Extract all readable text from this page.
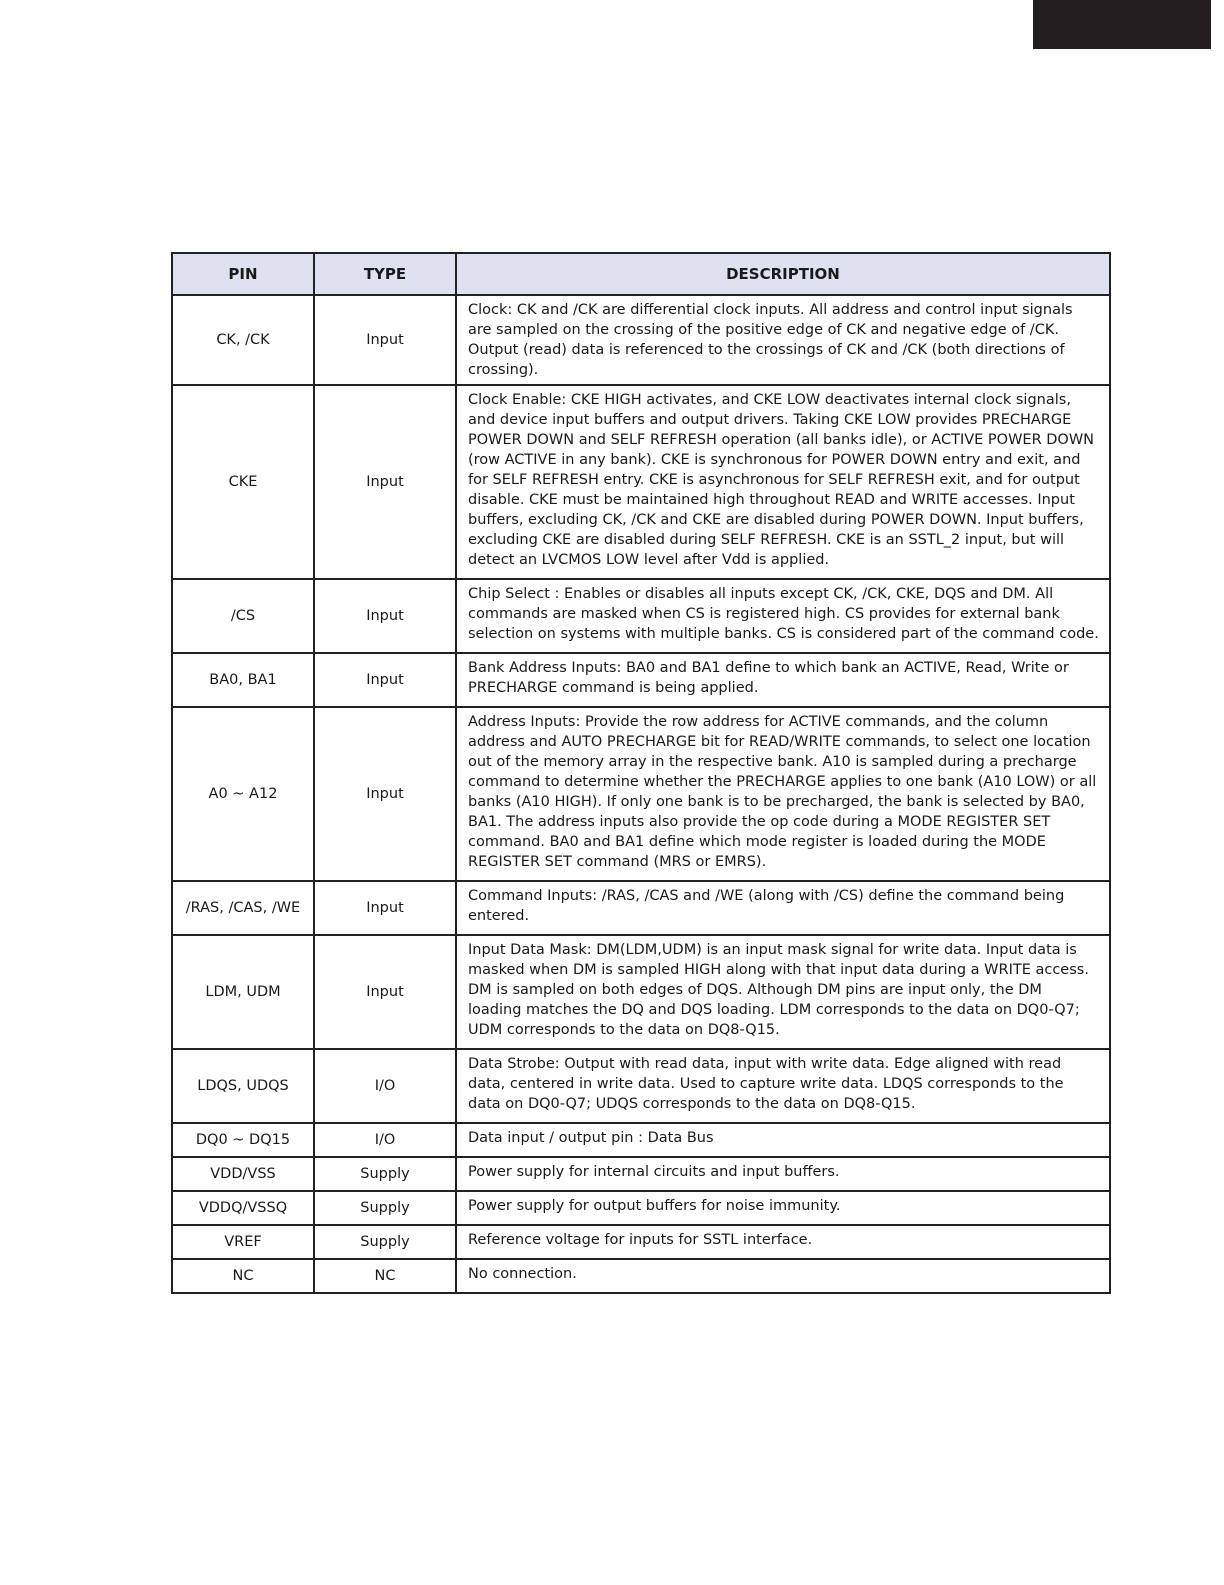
PIN	TYPE	DESCRIPTION
CK, /CK	Input	Clock: CK and /CK are differential clock inputs. All address and control input signals are sampled on the crossing of the positive edge of CK and negative edge of /CK. Output (read) data is referenced to the crossings of CK and /CK (both directions of crossing).
CKE	Input	Clock Enable: CKE HIGH activates, and CKE LOW deactivates internal clock signals, and device input buffers and output drivers. Taking CKE LOW provides PRECHARGE POWER DOWN and SELF REFRESH operation (all banks idle), or ACTIVE POWER DOWN (row ACTIVE in any bank). CKE is synchronous for POWER DOWN entry and exit, and for SELF REFRESH entry. CKE is asynchronous for SELF REFRESH exit, and for output disable. CKE must be maintained high throughout READ and WRITE accesses. Input buffers, excluding CK, /CK and CKE are disabled during POWER DOWN. Input buffers, excluding CKE are disabled during SELF REFRESH. CKE is an SSTL_2 input, but will detect an LVCMOS LOW level after Vdd is applied.
/CS	Input	Chip Select : Enables or disables all inputs except CK, /CK, CKE, DQS and DM. All commands are masked when CS is registered high. CS provides for external bank selection on systems with multiple banks. CS is considered part of the command code.
BA0, BA1	Input	Bank Address Inputs: BA0 and BA1 define to which bank an ACTIVE, Read, Write or PRECHARGE command is being applied.
A0 ~ A12	Input	Address Inputs: Provide the row address for ACTIVE commands, and the column address and AUTO PRECHARGE bit for READ/WRITE commands, to select one location out of the memory array in the respective bank. A10 is sampled during a precharge command to determine whether the PRECHARGE applies to one bank (A10 LOW) or all banks (A10 HIGH). If only one bank is to be precharged, the bank is selected by BA0, BA1. The address inputs also provide the op code during a MODE REGISTER SET command. BA0 and BA1 define which mode register is loaded during the MODE REGISTER SET command (MRS or EMRS).
/RAS, /CAS, /WE	Input	Command Inputs: /RAS, /CAS and /WE (along with /CS) define the command being entered.
LDM, UDM	Input	Input Data Mask: DM(LDM,UDM) is an input mask signal for write data. Input data is masked when DM is sampled HIGH along with that input data during a WRITE access. DM is sampled on both edges of DQS. Although DM pins are input only, the DM loading matches the DQ and DQS loading. LDM corresponds to the data on DQ0-Q7; UDM corresponds to the data on DQ8-Q15.
LDQS, UDQS	I/O	Data Strobe: Output with read data, input with write data. Edge aligned with read data, centered in write data. Used to capture write data. LDQS corresponds to the data on DQ0-Q7; UDQS corresponds to the data on DQ8-Q15.
DQ0 ~ DQ15	I/O	Data input / output pin : Data Bus
VDD/VSS	Supply	Power supply for internal circuits and input buffers.
VDDQ/VSSQ	Supply	Power supply for output buffers for noise immunity.
VREF	Supply	Reference voltage for inputs for SSTL interface.
NC	NC	No connection.
